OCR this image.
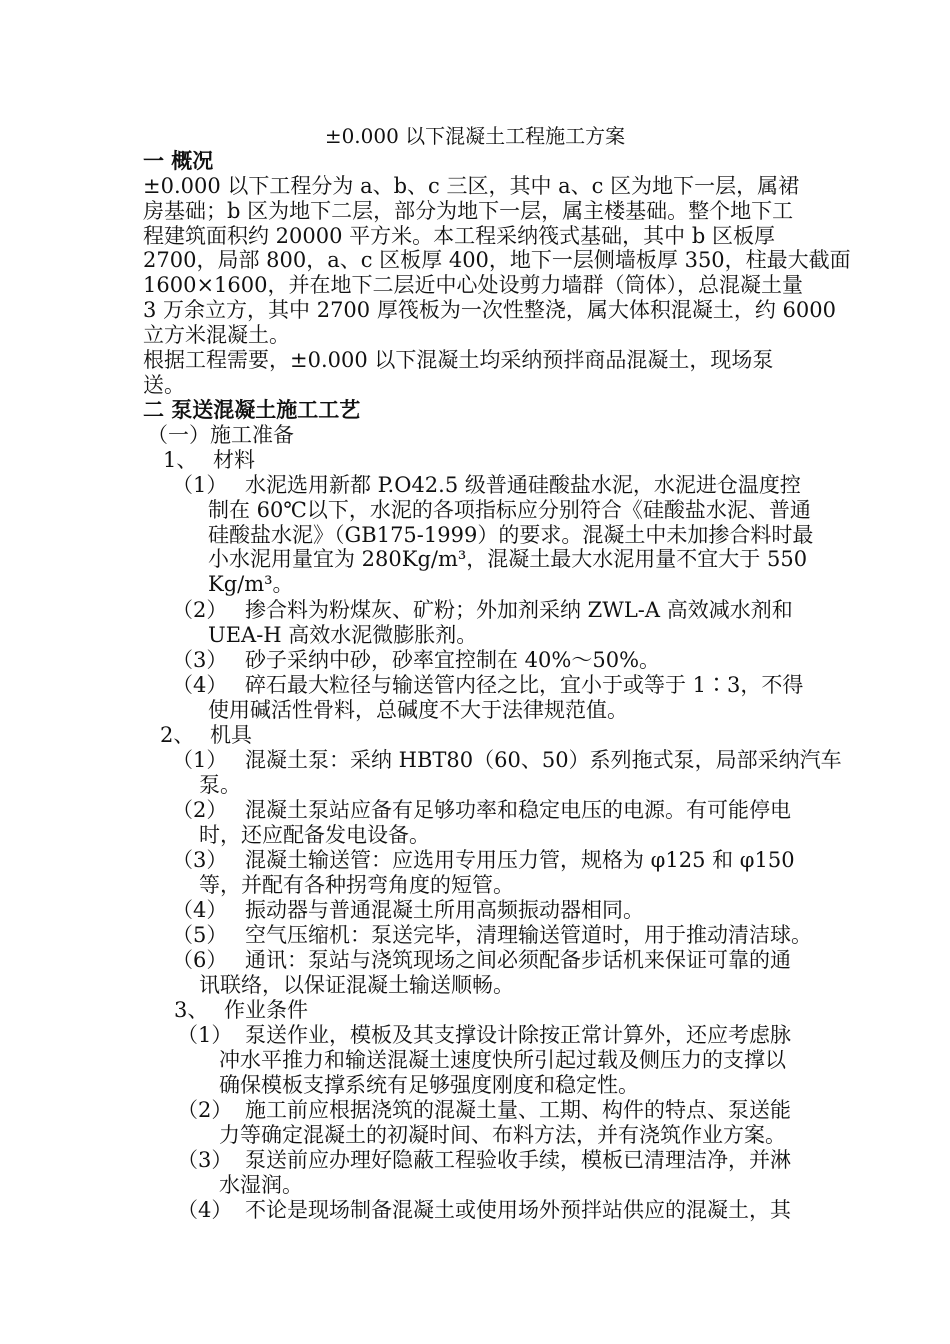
±0.000 以下混凝土工程施工方案
一 概况
±0.000 以下工程分为 a、b、c 三区，其中 a、c 区为地下一层，属裙
房基础；b 区为地下二层，部分为地下一层，属主楼基础。整个地下工
程建筑面积约 20000 平方米。本工程采纳筏式基础，其中 b 区板厚
2700，局部 800，a、c 区板厚 400，地下一层侧墙板厚 350，柱最大截面
1600×1600，并在地下二层近中心处设剪力墙群（筒体），总混凝土量
3 万余立方，其中 2700 厚筏板为一次性整浇，属大体积混凝土，约 6000
立方米混凝土。
根据工程需要，±0.000 以下混凝土均采纳预拌商品混凝土，现场泵
送。
二 泵送混凝土施工工艺
（一）施工准备
1、 材料
（1） 水泥选用新都 P.O42.5 级普通硅酸盐水泥，水泥进仓温度控
制在 60℃以下，水泥的各项指标应分别符合《硅酸盐水泥、普通
硅酸盐水泥》（GB175-1999）的要求。混凝土中未加掺合料时最
小水泥用量宜为 280Kg/m³，混凝土最大水泥用量不宜大于 550
Kg/m³。
（2） 掺合料为粉煤灰、矿粉；外加剂采纳 ZWL-A 高效减水剂和
UEA-H 高效水泥微膨胀剂。
（3） 砂子采纳中砂，砂率宜控制在 40%～50%。
（4） 碎石最大粒径与输送管内径之比，宜小于或等于 1∶3，不得
使用碱活性骨料，总碱度不大于法律规范值。
2、 机具
（1） 混凝土泵：采纳 HBT80（60、50）系列拖式泵，局部采纳汽车
泵。
（2） 混凝土泵站应备有足够功率和稳定电压的电源。有可能停电
时，还应配备发电设备。
（3） 混凝土输送管：应选用专用压力管，规格为 φ125 和 φ150
等，并配有各种拐弯角度的短管。
（4） 振动器与普通混凝土所用高频振动器相同。
（5） 空气压缩机：泵送完毕，清理输送管道时，用于推动清洁球。
（6） 通讯：泵站与浇筑现场之间必须配备步话机来保证可靠的通
讯联络，以保证混凝土输送顺畅。
3、 作业条件
（1） 泵送作业，模板及其支撑设计除按正常计算外，还应考虑脉
冲水平推力和输送混凝土速度快所引起过载及侧压力的支撑以
确保模板支撑系统有足够强度刚度和稳定性。
（2） 施工前应根据浇筑的混凝土量、工期、构件的特点、泵送能
力等确定混凝土的初凝时间、布料方法，并有浇筑作业方案。
（3） 泵送前应办理好隐蔽工程验收手续，模板已清理洁净，并淋
水湿润。
（4） 不论是现场制备混凝土或使用场外预拌站供应的混凝土，其
